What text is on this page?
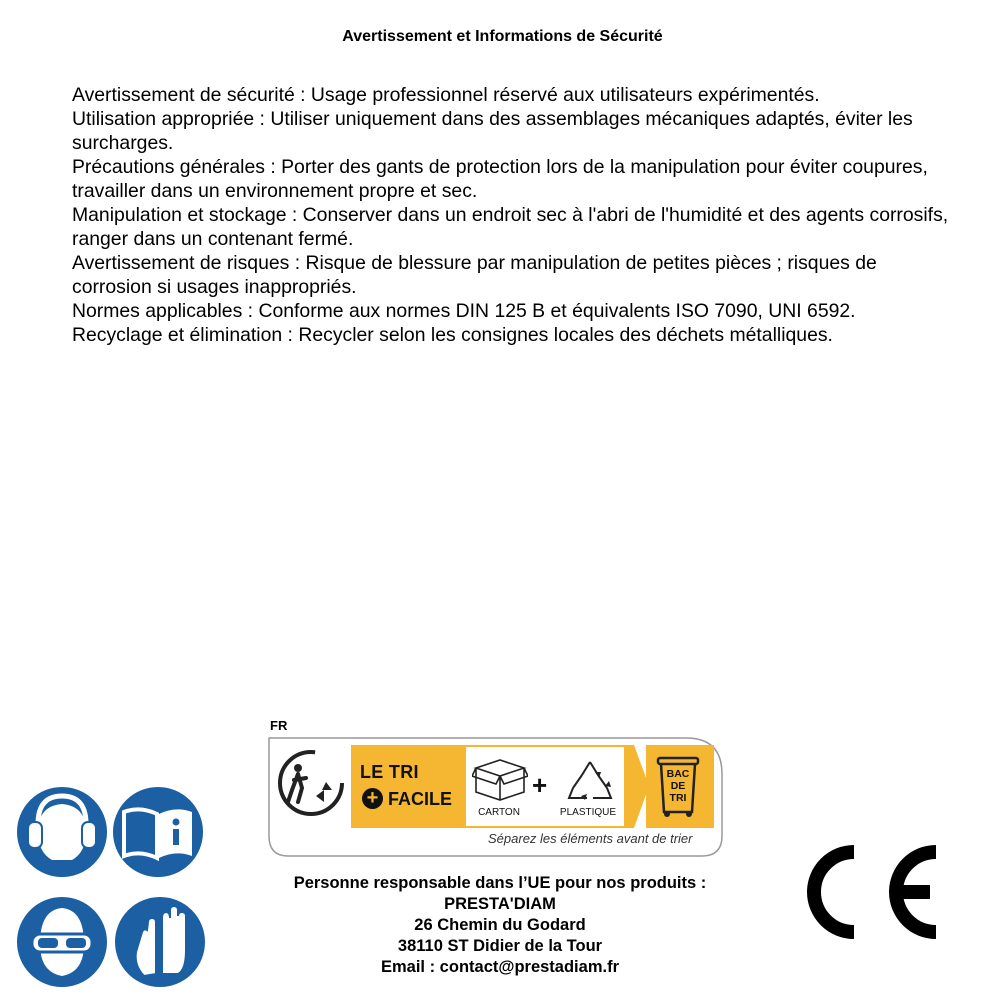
Avertissement et Informations de Sécurité

Avertissement de sécurité : Usage professionnel réservé aux utilisateurs expérimentés.

Utilisation appropriée : Utiliser uniquement dans des assemblages mécaniques adaptés, éviter les surcharges.

Précautions générales : Porter des gants de protection lors de la manipulation pour éviter coupures, travailler dans un environnement propre et sec.

Manipulation et stockage : Conserver dans un endroit sec à l'abri de l'humidité et des agents corrosifs, ranger dans un contenant fermé.

Avertissement de risques : Risque de blessure par manipulation de petites pièces ; risques de corrosion si usages inappropriés.

Normes applicables : Conforme aux normes DIN 125 B et équivalents ISO 7090, UNI 6592.

Recyclage et élimination : Recycler selon les consignes locales des déchets métalliques.

FR
LE TRI
+ FACILE
CARTON
+
PLASTIQUE
BAC
DE
TRI
Séparez les éléments avant de trier
Personne responsable dans l’UE pour nos produits :
PRESTA'DIAM
26 Chemin du Godard
38110 ST Didier de la Tour
Email : contact@prestadiam.fr
